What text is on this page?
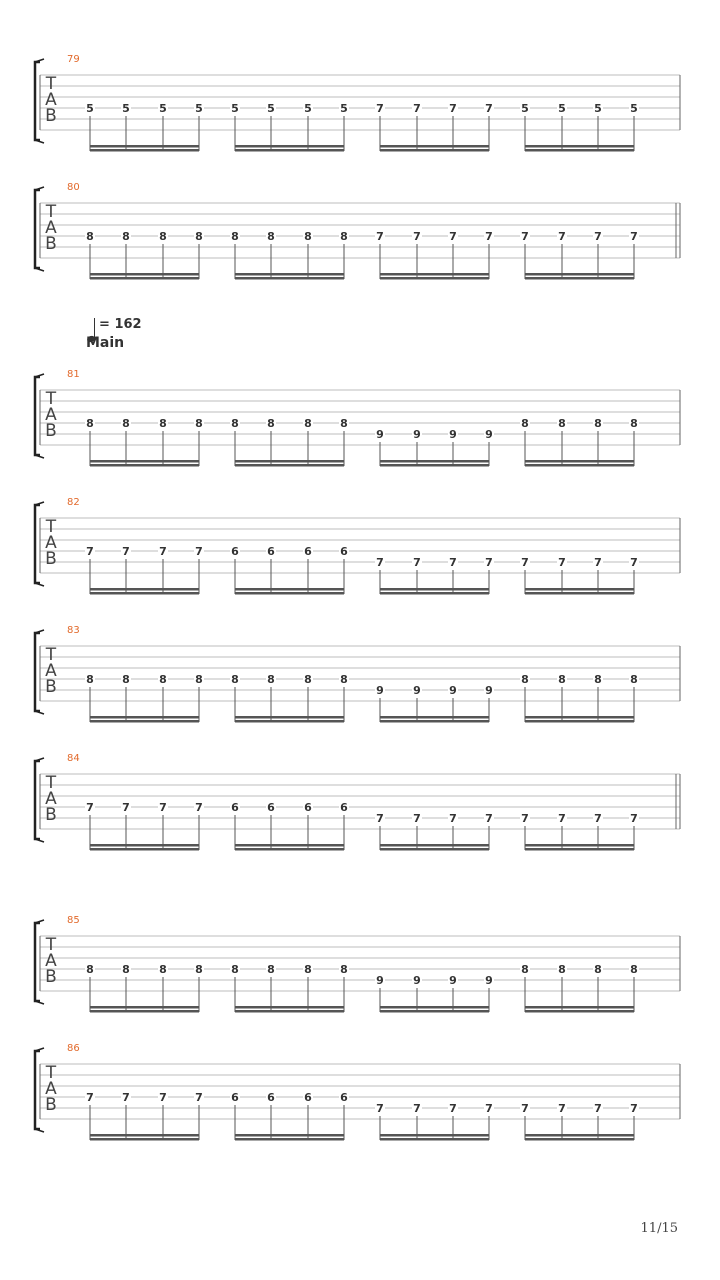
T
A
B
79
5	5	5	5	5	5	5	5	7	7	7	7	5	5	5	5
T
A
B
80
8	8	8	8	8	8	8	8	7	7	7	7	7	7	7	7
T
A
B
81
8	8	8	8	8	8	8	8
9	9	9	9
8	8	8	8
T
A
B
82
7	7	7	7	6	6	6	6
7	7	7	7	7	7	7	7
T
A
B
83
8	8	8	8	8	8	8	8
9	9	9	9
8	8	8	8
T
A
B
84
7	7	7	7	6	6	6	6
7	7	7	7	7	7	7	7
T
A
B
85
8	8	8	8	8	8	8	8
9	9	9	9
8	8	8	8
T
A
B
86
7	7	7	7	6	6	6	6
7	7	7	7	7	7	7	7
= 162
Main
11/15
